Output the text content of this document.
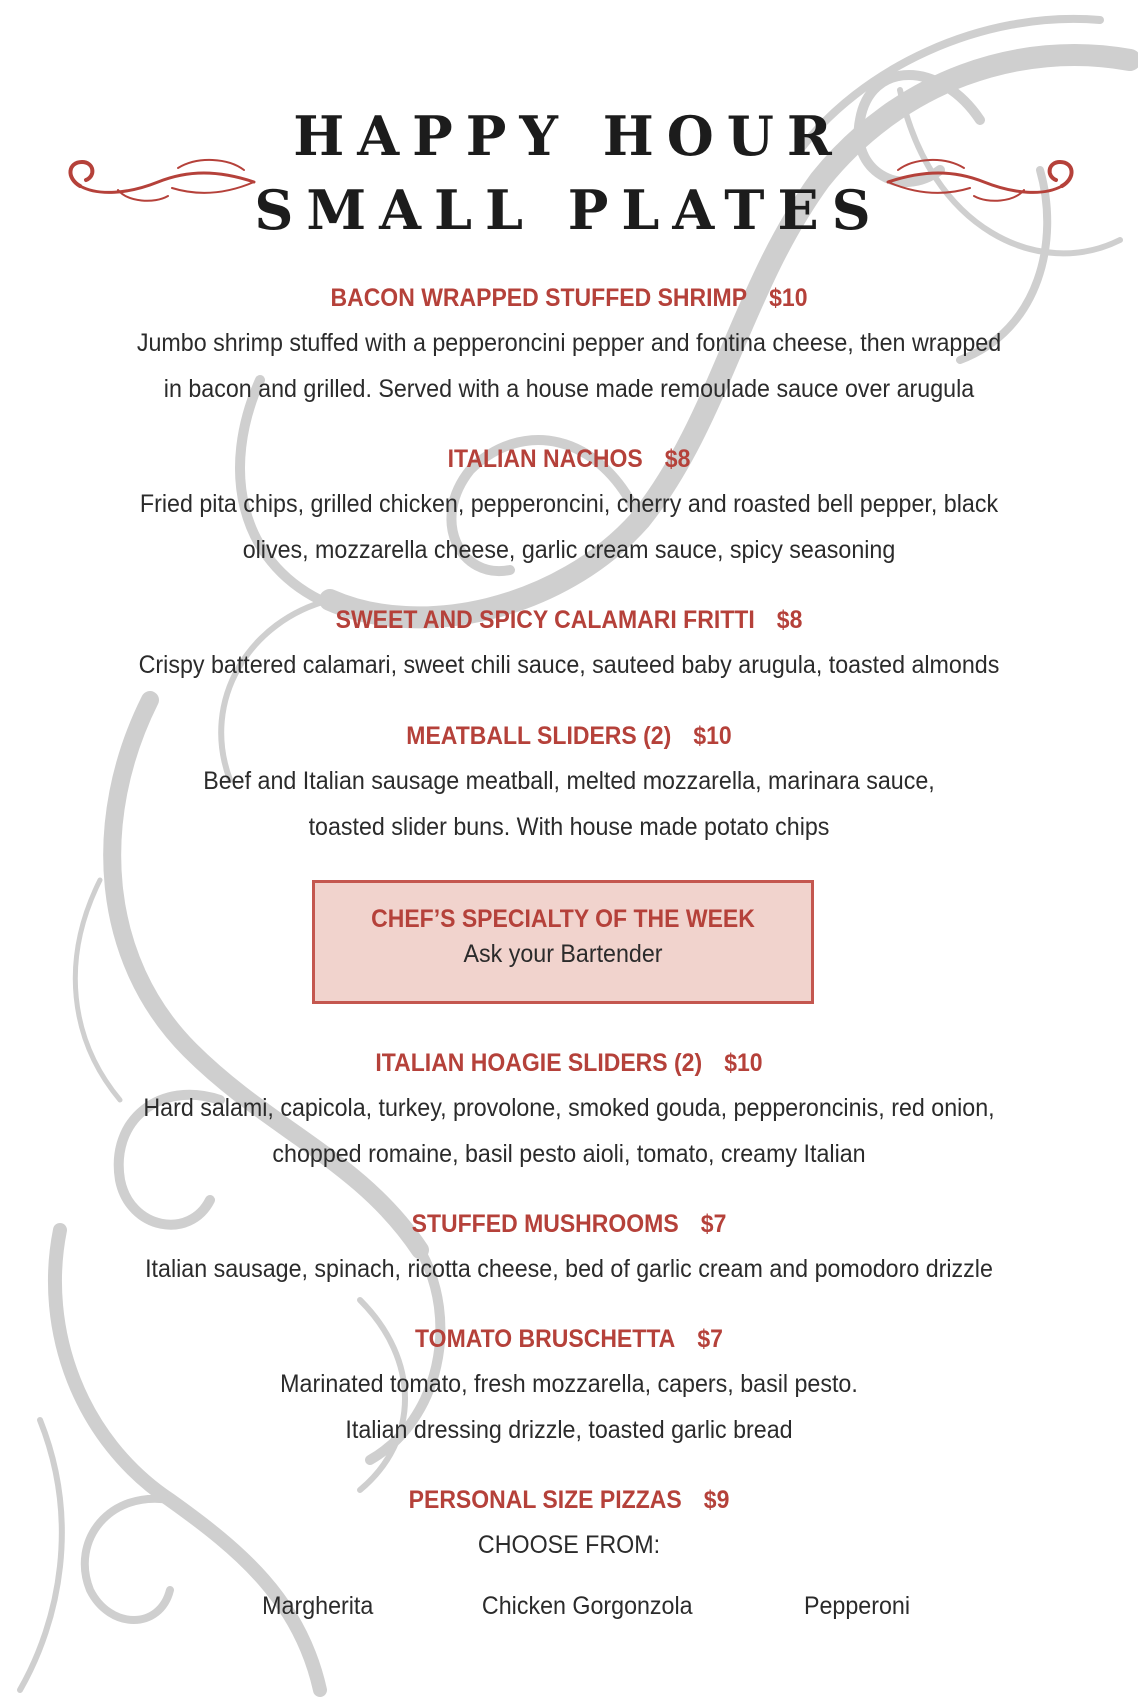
HAPPY HOUR
SMALL PLATES
BACON WRAPPED STUFFED SHRIMP $10
Jumbo shrimp stuffed with a pepperoncini pepper and fontina cheese, then wrapped
in bacon and grilled. Served with a house made remoulade sauce over arugula
ITALIAN NACHOS $8
Fried pita chips, grilled chicken, pepperoncini, cherry and roasted bell pepper, black
olives, mozzarella cheese, garlic cream sauce, spicy seasoning
SWEET AND SPICY CALAMARI FRITTI $8
Crispy battered calamari, sweet chili sauce, sauteed baby arugula, toasted almonds
MEATBALL SLIDERS (2) $10
Beef and Italian sausage meatball, melted mozzarella, marinara sauce,
toasted slider buns. With house made potato chips
CHEF’S SPECIALTY OF THE WEEK
Ask your Bartender
ITALIAN HOAGIE SLIDERS (2) $10
Hard salami, capicola, turkey, provolone, smoked gouda, pepperoncinis, red onion,
chopped romaine, basil pesto aioli, tomato, creamy Italian
STUFFED MUSHROOMS $7
Italian sausage, spinach, ricotta cheese, bed of garlic cream and pomodoro drizzle
TOMATO BRUSCHETTA $7
Marinated tomato, fresh mozzarella, capers, basil pesto.
Italian dressing drizzle, toasted garlic bread
PERSONAL SIZE PIZZAS $9
CHOOSE FROM:
Margherita	Chicken Gorgonzola	Pepperoni
